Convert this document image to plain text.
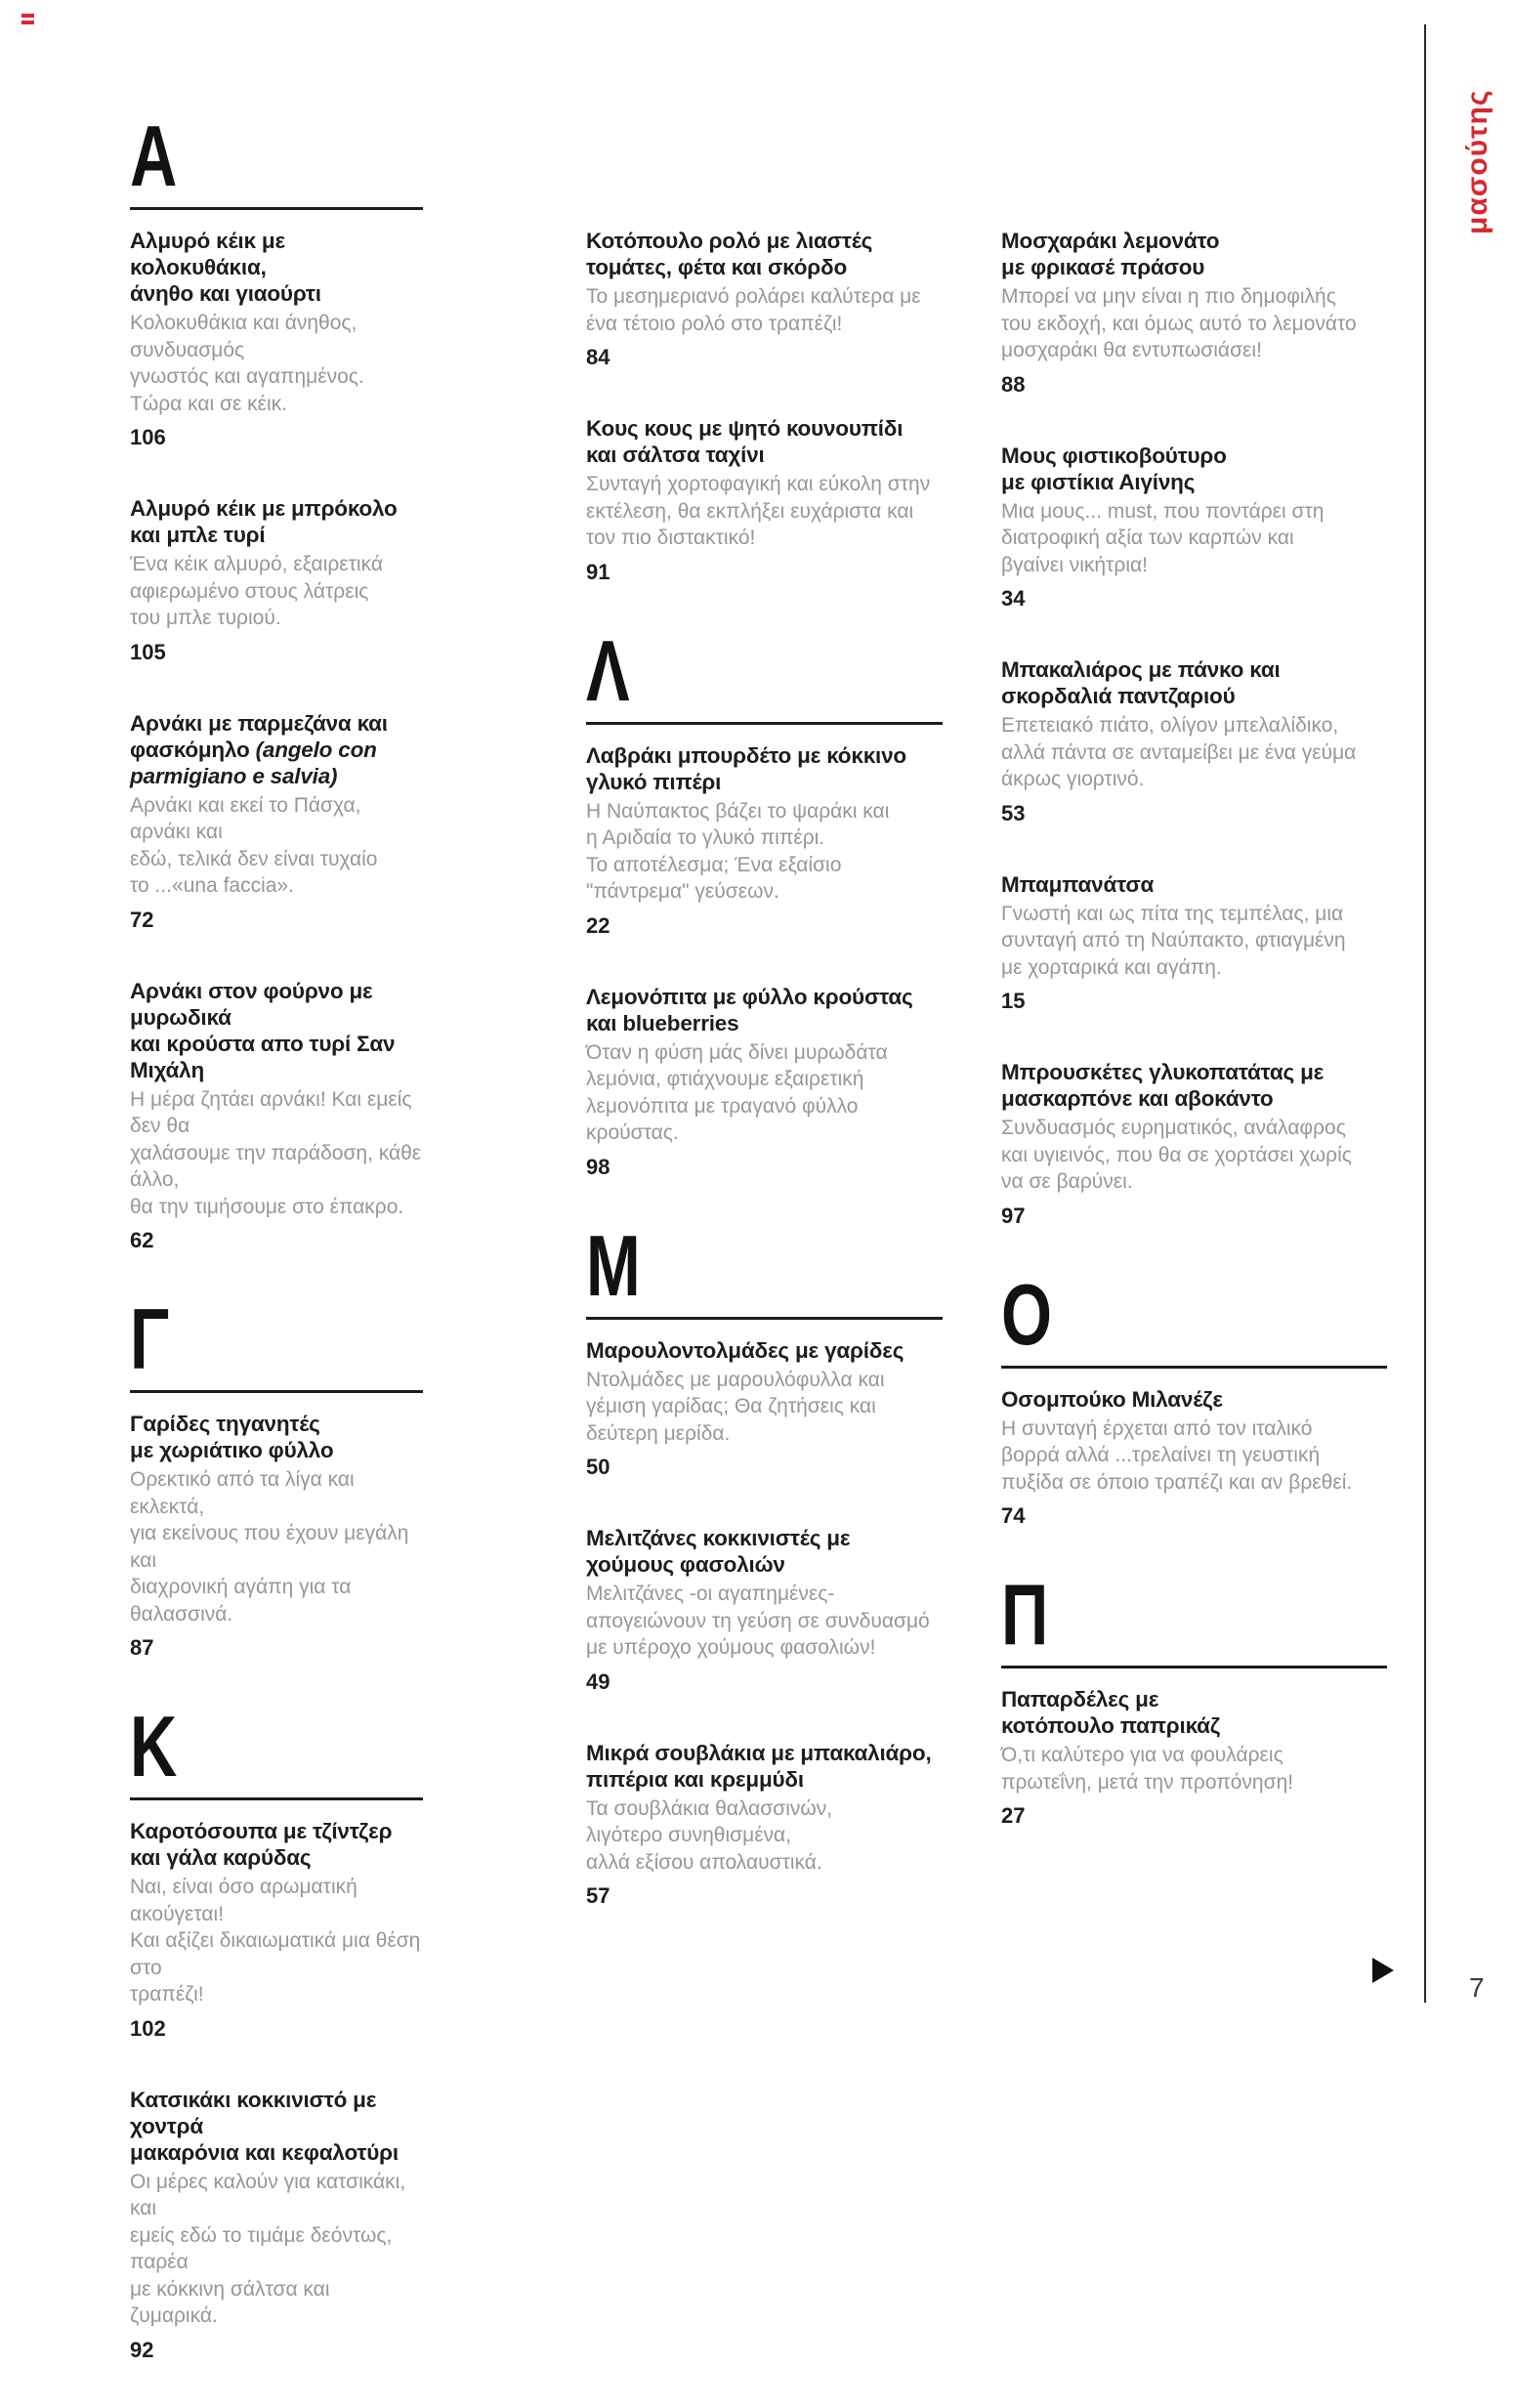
Α
Αλμυρό κέικ με κολοκυθάκια,
άνηθο και γιαούρτι
Κολοκυθάκια και άνηθος, συνδυασμός
γνωστός και αγαπημένος.
Τώρα και σε κέικ.
106
Αλμυρό κέικ με μπρόκολο
και μπλε τυρί
Ένα κέικ αλμυρό, εξαιρετικά
αφιερωμένο στους λάτρεις
του μπλε τυριού.
105
Αρνάκι με παρμεζάνα και
φασκόμηλο (angelo con
parmigiano e salvia)
Αρνάκι και εκεί το Πάσχα, αρνάκι και
εδώ, τελικά δεν είναι τυχαίο
το ...«una faccia».
72
Αρνάκι στον φούρνο με μυρωδικά
και κρούστα απο τυρί Σαν Μιχάλη
Η μέρα ζητάει αρνάκι! Και εμείς δεν θα
χαλάσουμε την παράδοση, κάθε άλλο,
θα την τιμήσουμε στο έπακρο.
62
Γ
Γαρίδες τηγανητές
με χωριάτικο φύλλο
Ορεκτικό από τα λίγα και εκλεκτά,
για εκείνους που έχουν μεγάλη και
διαχρονική αγάπη για τα θαλασσινά.
87
Κ
Καροτόσουπα με τζίντζερ
και γάλα καρύδας
Ναι, είναι όσο αρωματική ακούγεται!
Και αξίζει δικαιωματικά μια θέση στο
τραπέζι!
102
Κατσικάκι κοκκινιστό με χοντρά
μακαρόνια και κεφαλοτύρι
Οι μέρες καλούν για κατσικάκι, και
εμείς εδώ το τιμάμε δεόντως, παρέα
με κόκκινη σάλτσα και ζυμαρικά.
92
Κοτόπουλο ρολό με λιαστές
τομάτες, φέτα και σκόρδο
Το μεσημεριανό ρολάρει καλύτερα με
ένα τέτοιο ρολό στο τραπέζι!
84
Κους κους με ψητό κουνουπίδι
και σάλτσα ταχίνι
Συνταγή χορτοφαγική και εύκολη στην
εκτέλεση, θα εκπλήξει ευχάριστα και
τον πιο διστακτικό!
91
Λ
Λαβράκι μπουρδέτο με κόκκινο
γλυκό πιπέρι
Η Ναύπακτος βάζει το ψαράκι και
η Αριδαία το γλυκό πιπέρι.
Το αποτέλεσμα; Ένα εξαίσιο
"πάντρεμα" γεύσεων.
22
Λεμονόπιτα με φύλλο κρούστας
και blueberries
Όταν η φύση μάς δίνει μυρωδάτα
λεμόνια, φτιάχνουμε εξαιρετική
λεμονόπιτα με τραγανό φύλλο
κρούστας.
98
Μ
Μαρουλοντολμάδες με γαρίδες
Ντολμάδες με μαρουλόφυλλα και
γέμιση γαρίδας; Θα ζητήσεις και
δεύτερη μερίδα.
50
Μελιτζάνες κοκκινιστές με
χούμους φασολιών
Μελιτζάνες -οι αγαπημένες-
απογειώνουν τη γεύση σε συνδυασμό
με υπέροχο χούμους φασολιών!
49
Μικρά σουβλάκια με μπακαλιάρο,
πιπέρια και κρεμμύδι
Τα σουβλάκια θαλασσινών,
λιγότερο συνηθισμένα,
αλλά εξίσου απολαυστικά.
57
Μοσχαράκι λεμονάτο
με φρικασέ πράσου
Μπορεί να μην είναι η πιο δημοφιλής
του εκδοχή, και όμως αυτό το λεμονάτο
μοσχαράκι θα εντυπωσιάσει!
88
Μους φιστικοβούτυρο
με φιστίκια Αιγίνης
Μια μους... must, που ποντάρει στη
διατροφική αξία των καρπών και
βγαίνει νικήτρια!
34
Μπακαλιάρος με πάνκο και
σκορδαλιά παντζαριού
Επετειακό πιάτο, ολίγον μπελαλίδικο,
αλλά πάντα σε ανταμείβει με ένα γεύμα
άκρως γιορτινό.
53
Μπαμπανάτσα
Γνωστή και ως πίτα της τεμπέλας, μια
συνταγή από τη Ναύπακτο, φτιαγμένη
με χορταρικά και αγάπη.
15
Μπρουσκέτες γλυκοπατάτας με
μασκαρπόνε και αβοκάντο
Συνδυασμός ευρηματικός, ανάλαφρος
και υγιεινός, που θα σε χορτάσει χωρίς
να σε βαρύνει.
97
Ο
Οσομπούκο Μιλανέζε
Η συνταγή έρχεται από τον ιταλικό
βορρά αλλά ...τρελαίνει τη γευστική
πυξίδα σε όποιο τραπέζι και αν βρεθεί.
74
Π
Παπαρδέλες με
κοτόπουλο παπρικάζ
Ό,τι καλύτερο για να φουλάρεις
πρωτεΐνη, μετά την προπόνηση!
27
μασούτης
7
